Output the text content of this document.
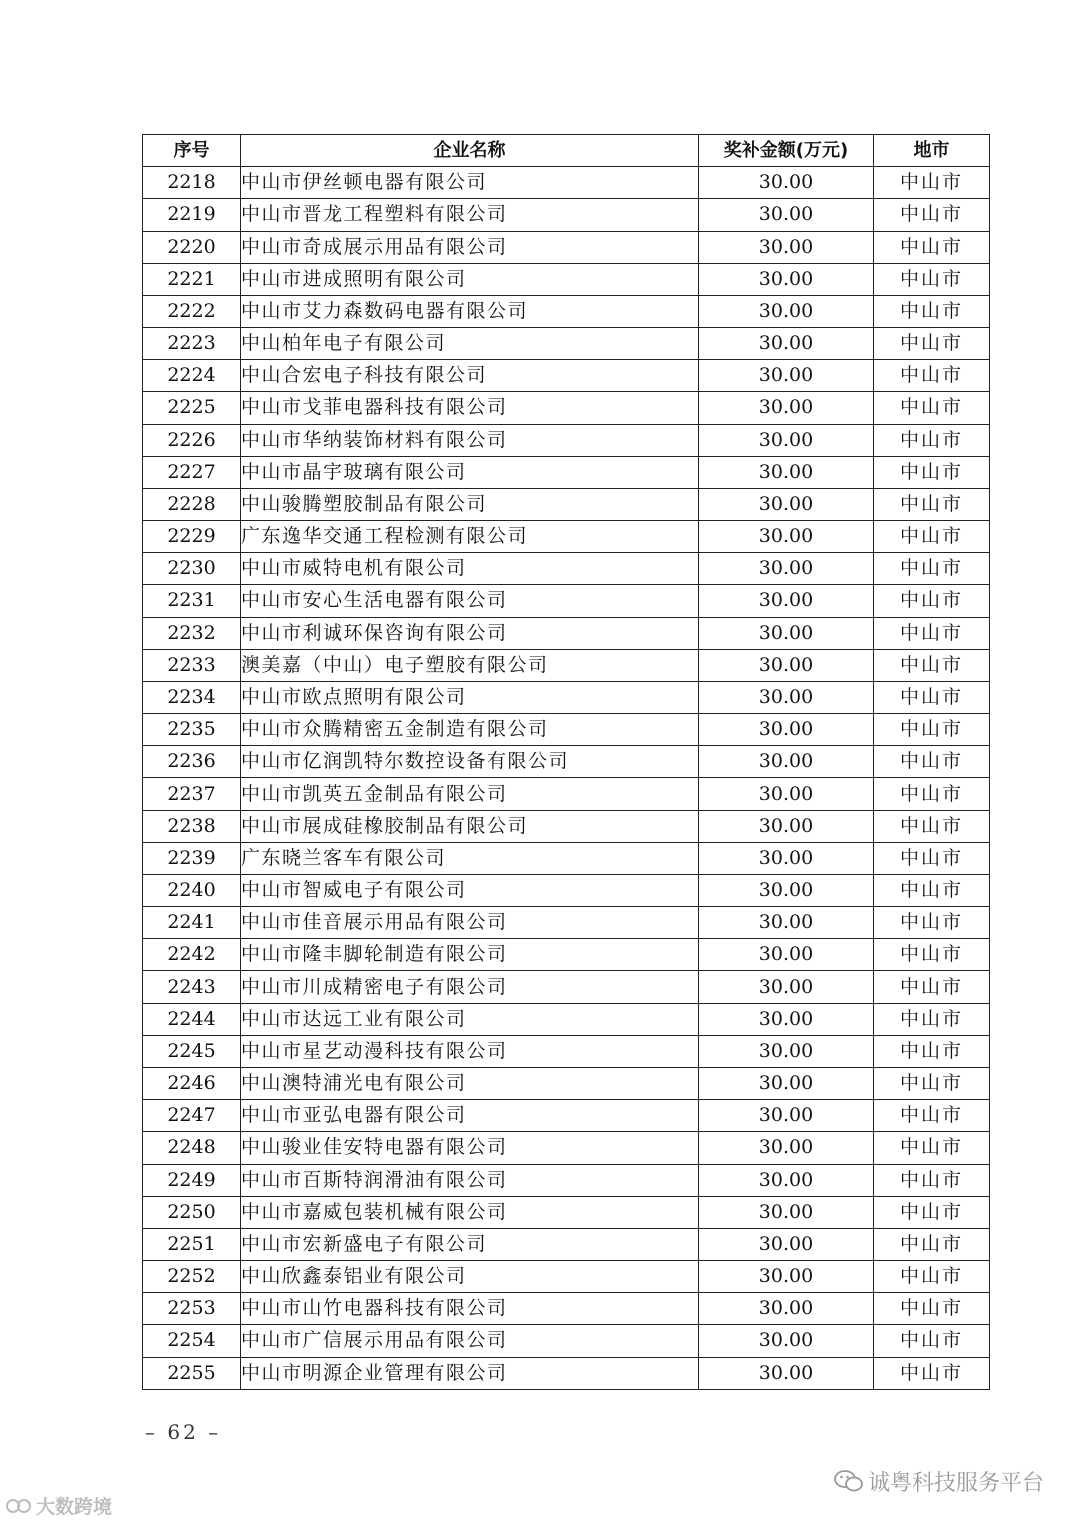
序号	企业名称	奖补金额(万元)	地市
2218	中山市伊丝顿电器有限公司	30.00	中山市
2219	中山市晋龙工程塑料有限公司	30.00	中山市
2220	中山市奇成展示用品有限公司	30.00	中山市
2221	中山市进成照明有限公司	30.00	中山市
2222	中山市艾力森数码电器有限公司	30.00	中山市
2223	中山柏年电子有限公司	30.00	中山市
2224	中山合宏电子科技有限公司	30.00	中山市
2225	中山市戈菲电器科技有限公司	30.00	中山市
2226	中山市华纳装饰材料有限公司	30.00	中山市
2227	中山市晶宇玻璃有限公司	30.00	中山市
2228	中山骏腾塑胶制品有限公司	30.00	中山市
2229	广东逸华交通工程检测有限公司	30.00	中山市
2230	中山市威特电机有限公司	30.00	中山市
2231	中山市安心生活电器有限公司	30.00	中山市
2232	中山市利诚环保咨询有限公司	30.00	中山市
2233	澳美嘉（中山）电子塑胶有限公司	30.00	中山市
2234	中山市欧点照明有限公司	30.00	中山市
2235	中山市众腾精密五金制造有限公司	30.00	中山市
2236	中山市亿润凯特尔数控设备有限公司	30.00	中山市
2237	中山市凯英五金制品有限公司	30.00	中山市
2238	中山市展成硅橡胶制品有限公司	30.00	中山市
2239	广东晓兰客车有限公司	30.00	中山市
2240	中山市智威电子有限公司	30.00	中山市
2241	中山市佳音展示用品有限公司	30.00	中山市
2242	中山市隆丰脚轮制造有限公司	30.00	中山市
2243	中山市川成精密电子有限公司	30.00	中山市
2244	中山市达远工业有限公司	30.00	中山市
2245	中山市星艺动漫科技有限公司	30.00	中山市
2246	中山澳特浦光电有限公司	30.00	中山市
2247	中山市亚弘电器有限公司	30.00	中山市
2248	中山骏业佳安特电器有限公司	30.00	中山市
2249	中山市百斯特润滑油有限公司	30.00	中山市
2250	中山市嘉威包装机械有限公司	30.00	中山市
2251	中山市宏新盛电子有限公司	30.00	中山市
2252	中山欣鑫泰铝业有限公司	30.00	中山市
2253	中山市山竹电器科技有限公司	30.00	中山市
2254	中山市广信展示用品有限公司	30.00	中山市
2255	中山市明源企业管理有限公司	30.00	中山市
– 62 –
大数跨境
诚粤科技服务平台
